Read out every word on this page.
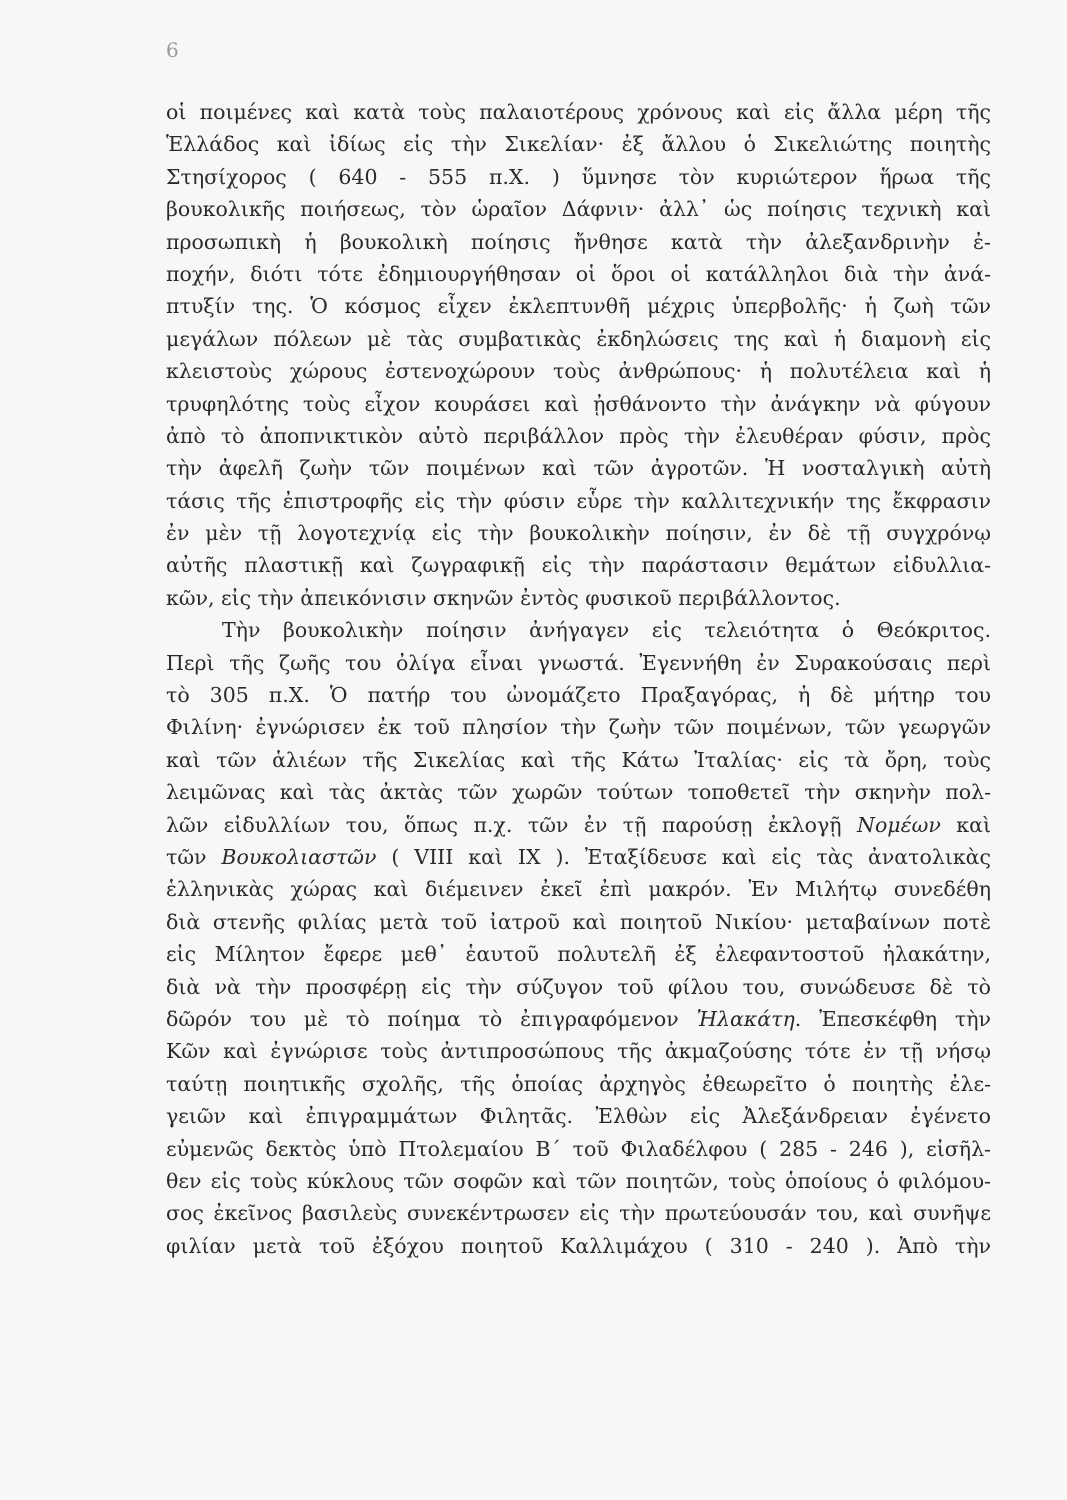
6
οἱ ποιμένες καὶ κατὰ τοὺς παλαιοτέρους χρόνους καὶ εἰς ἄλλα μέρη τῆς
Ἑλλάδος καὶ ἰδίως εἰς τὴν Σικελίαν· ἐξ ἄλλου ὁ Σικελιώτης ποιητὴς
Στησίχορος ( 640 - 555 π.Χ. ) ὕμνησε τὸν κυριώτερον ἥρωα τῆς
βουκολικῆς ποιήσεως, τὸν ὡραῖον Δάφνιν· ἀλλ᾽ ὡς ποίησις τεχνικὴ καὶ
προσωπικὴ ἡ βουκολικὴ ποίησις ἤνθησε κατὰ τὴν ἀλεξανδρινὴν ἐ-
ποχήν, διότι τότε ἐδημιουργήθησαν οἱ ὅροι οἱ κατάλληλοι διὰ τὴν ἀνά-
πτυξίν της. Ὁ κόσμος εἶχεν ἐκλεπτυνθῆ μέχρις ὑπερβολῆς· ἡ ζωὴ τῶν
μεγάλων πόλεων μὲ τὰς συμβατικὰς ἐκδηλώσεις της καὶ ἡ διαμονὴ εἰς
κλειστοὺς χώρους ἐστενοχώρουν τοὺς ἀνθρώπους· ἡ πολυτέλεια καὶ ἡ
τρυφηλότης τοὺς εἶχον κουράσει καὶ ᾐσθάνοντο τὴν ἀνάγκην νὰ φύγουν
ἀπὸ τὸ ἀποπνικτικὸν αὐτὸ περιβάλλον πρὸς τὴν ἐλευθέραν φύσιν, πρὸς
τὴν ἀφελῆ ζωὴν τῶν ποιμένων καὶ τῶν ἀγροτῶν. Ἡ νοσταλγικὴ αὐτὴ
τάσις τῆς ἐπιστροφῆς εἰς τὴν φύσιν εὗρε τὴν καλλιτεχνικήν της ἔκφρασιν
ἐν μὲν τῇ λογοτεχνίᾳ εἰς τὴν βουκολικὴν ποίησιν, ἐν δὲ τῇ συγχρόνῳ
αὐτῆς πλαστικῇ καὶ ζωγραφικῇ εἰς τὴν παράστασιν θεμάτων εἰδυλλια-
κῶν, εἰς τὴν ἀπεικόνισιν σκηνῶν ἐντὸς φυσικοῦ περιβάλλοντος.
Τὴν βουκολικὴν ποίησιν ἀνήγαγεν εἰς τελειότητα ὁ Θεόκριτος.
Περὶ τῆς ζωῆς του ὀλίγα εἶναι γνωστά. Ἐγεννήθη ἐν Συρακούσαις περὶ
τὸ 305 π.Χ. Ὁ πατήρ του ὠνομάζετο Πραξαγόρας, ἡ δὲ μήτηρ του
Φιλίνη· ἐγνώρισεν ἐκ τοῦ πλησίον τὴν ζωὴν τῶν ποιμένων, τῶν γεωργῶν
καὶ τῶν ἁλιέων τῆς Σικελίας καὶ τῆς Κάτω Ἰταλίας· εἰς τὰ ὄρη, τοὺς
λειμῶνας καὶ τὰς ἀκτὰς τῶν χωρῶν τούτων τοποθετεῖ τὴν σκηνὴν πολ-
λῶν εἰδυλλίων του, ὅπως π.χ. τῶν ἐν τῇ παρούσῃ ἐκλογῇ Νομέων καὶ
τῶν Βουκολιαστῶν ( VIII καὶ IX ). Ἐταξίδευσε καὶ εἰς τὰς ἀνατολικὰς
ἑλληνικὰς χώρας καὶ διέμεινεν ἐκεῖ ἐπὶ μακρόν. Ἐν Μιλήτῳ συνεδέθη
διὰ στενῆς φιλίας μετὰ τοῦ ἰατροῦ καὶ ποιητοῦ Νικίου· μεταβαίνων ποτὲ
εἰς Μίλητον ἔφερε μεθ᾽ ἑαυτοῦ πολυτελῆ ἐξ ἐλεφαντοστοῦ ἠλακάτην,
διὰ νὰ τὴν προσφέρῃ εἰς τὴν σύζυγον τοῦ φίλου του, συνώδευσε δὲ τὸ
δῶρόν του μὲ τὸ ποίημα τὸ ἐπιγραφόμενον Ἠλακάτη. Ἐπεσκέφθη τὴν
Κῶν καὶ ἐγνώρισε τοὺς ἀντιπροσώπους τῆς ἀκμαζούσης τότε ἐν τῇ νήσῳ
ταύτῃ ποιητικῆς σχολῆς, τῆς ὁποίας ἀρχηγὸς ἐθεωρεῖτο ὁ ποιητὴς ἐλε-
γειῶν καὶ ἐπιγραμμάτων Φιλητᾶς. Ἐλθὼν εἰς Ἀλεξάνδρειαν ἐγένετο
εὐμενῶς δεκτὸς ὑπὸ Πτολεμαίου Β΄ τοῦ Φιλαδέλφου ( 285 - 246 ), εἰσῆλ-
θεν εἰς τοὺς κύκλους τῶν σοφῶν καὶ τῶν ποιητῶν, τοὺς ὁποίους ὁ φιλόμου-
σος ἐκεῖνος βασιλεὺς συνεκέντρωσεν εἰς τὴν πρωτεύουσάν του, καὶ συνῆψε
φιλίαν μετὰ τοῦ ἐξόχου ποιητοῦ Καλλιμάχου ( 310 - 240 ). Ἀπὸ τὴν
